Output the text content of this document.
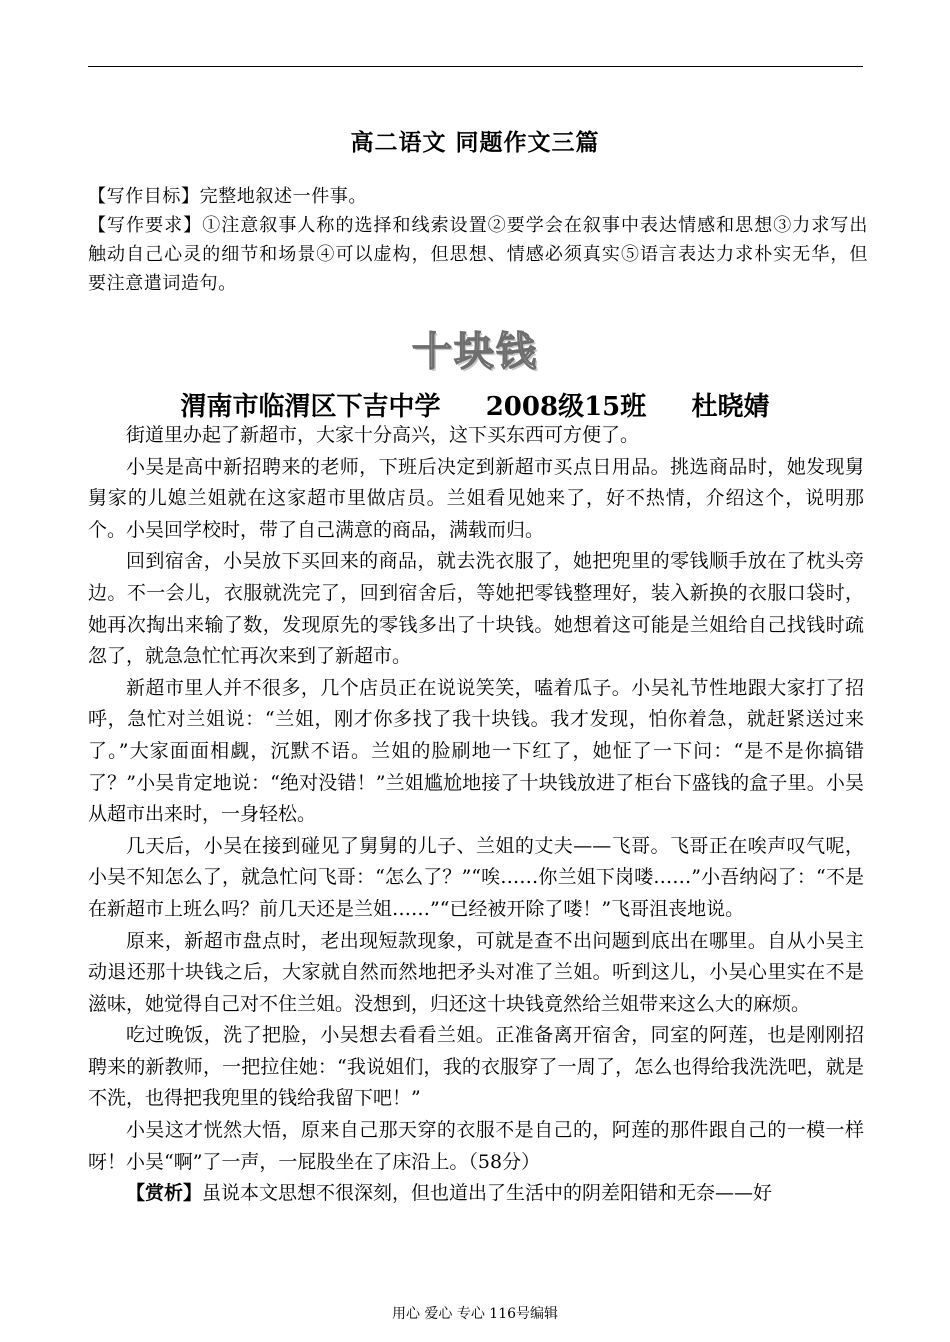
高二语文 同题作文三篇

【写作目标】完整地叙述一件事。

【写作要求】①注意叙事人称的选择和线索设置②要学会在叙事中表达情感和思想③力求写出触动自己心灵的细节和场景④可以虚构，但思想、情感必须真实⑤语言表达力求朴实无华，但要注意遣词造句。

十块钱
渭南市临渭区下吉中学     2008级15班     杜晓婧

街道里办起了新超市，大家十分高兴，这下买东西可方便了。

小吴是高中新招聘来的老师，下班后决定到新超市买点日用品。挑选商品时，她发现舅舅家的儿媳兰姐就在这家超市里做店员。兰姐看见她来了，好不热情，介绍这个，说明那个。小吴回学校时，带了自己满意的商品，满载而归。

回到宿舍，小吴放下买回来的商品，就去洗衣服了，她把兜里的零钱顺手放在了枕头旁边。不一会儿，衣服就洗完了，回到宿舍后，等她把零钱整理好，装入新换的衣服口袋时，她再次掏出来输了数，发现原先的零钱多出了十块钱。她想着这可能是兰姐给自己找钱时疏忽了，就急急忙忙再次来到了新超市。

新超市里人并不很多，几个店员正在说说笑笑，嗑着瓜子。小吴礼节性地跟大家打了招呼，急忙对兰姐说：“兰姐，刚才你多找了我十块钱。我才发现，怕你着急，就赶紧送过来了。”大家面面相觑，沉默不语。兰姐的脸刷地一下红了，她怔了一下问：“是不是你搞错了？”小吴肯定地说：“绝对没错！”兰姐尴尬地接了十块钱放进了柜台下盛钱的盒子里。小吴从超市出来时，一身轻松。

几天后，小吴在接到碰见了舅舅的儿子、兰姐的丈夫——飞哥。飞哥正在唉声叹气呢，小吴不知怎么了，就急忙问飞哥：“怎么了？”“唉……你兰姐下岗喽……”小吾纳闷了：“不是在新超市上班么吗？前几天还是兰姐……”“已经被开除了喽！”飞哥沮丧地说。

原来，新超市盘点时，老出现短款现象，可就是查不出问题到底出在哪里。自从小吴主动退还那十块钱之后，大家就自然而然地把矛头对准了兰姐。听到这儿，小吴心里实在不是滋味，她觉得自己对不住兰姐。没想到，归还这十块钱竟然给兰姐带来这么大的麻烦。

吃过晚饭，洗了把脸，小吴想去看看兰姐。正准备离开宿舍，同室的阿莲，也是刚刚招聘来的新教师，一把拉住她：“我说姐们，我的衣服穿了一周了，怎么也得给我洗洗吧，就是不洗，也得把我兜里的钱给我留下吧！”

小吴这才恍然大悟，原来自己那天穿的衣服不是自己的，阿莲的那件跟自己的一模一样呀！小吴“啊”了一声，一屁股坐在了床沿上。（58分）

【赏析】虽说本文思想不很深刻，但也道出了生活中的阴差阳错和无奈——好

用心 爱心 专心 116号编辑
